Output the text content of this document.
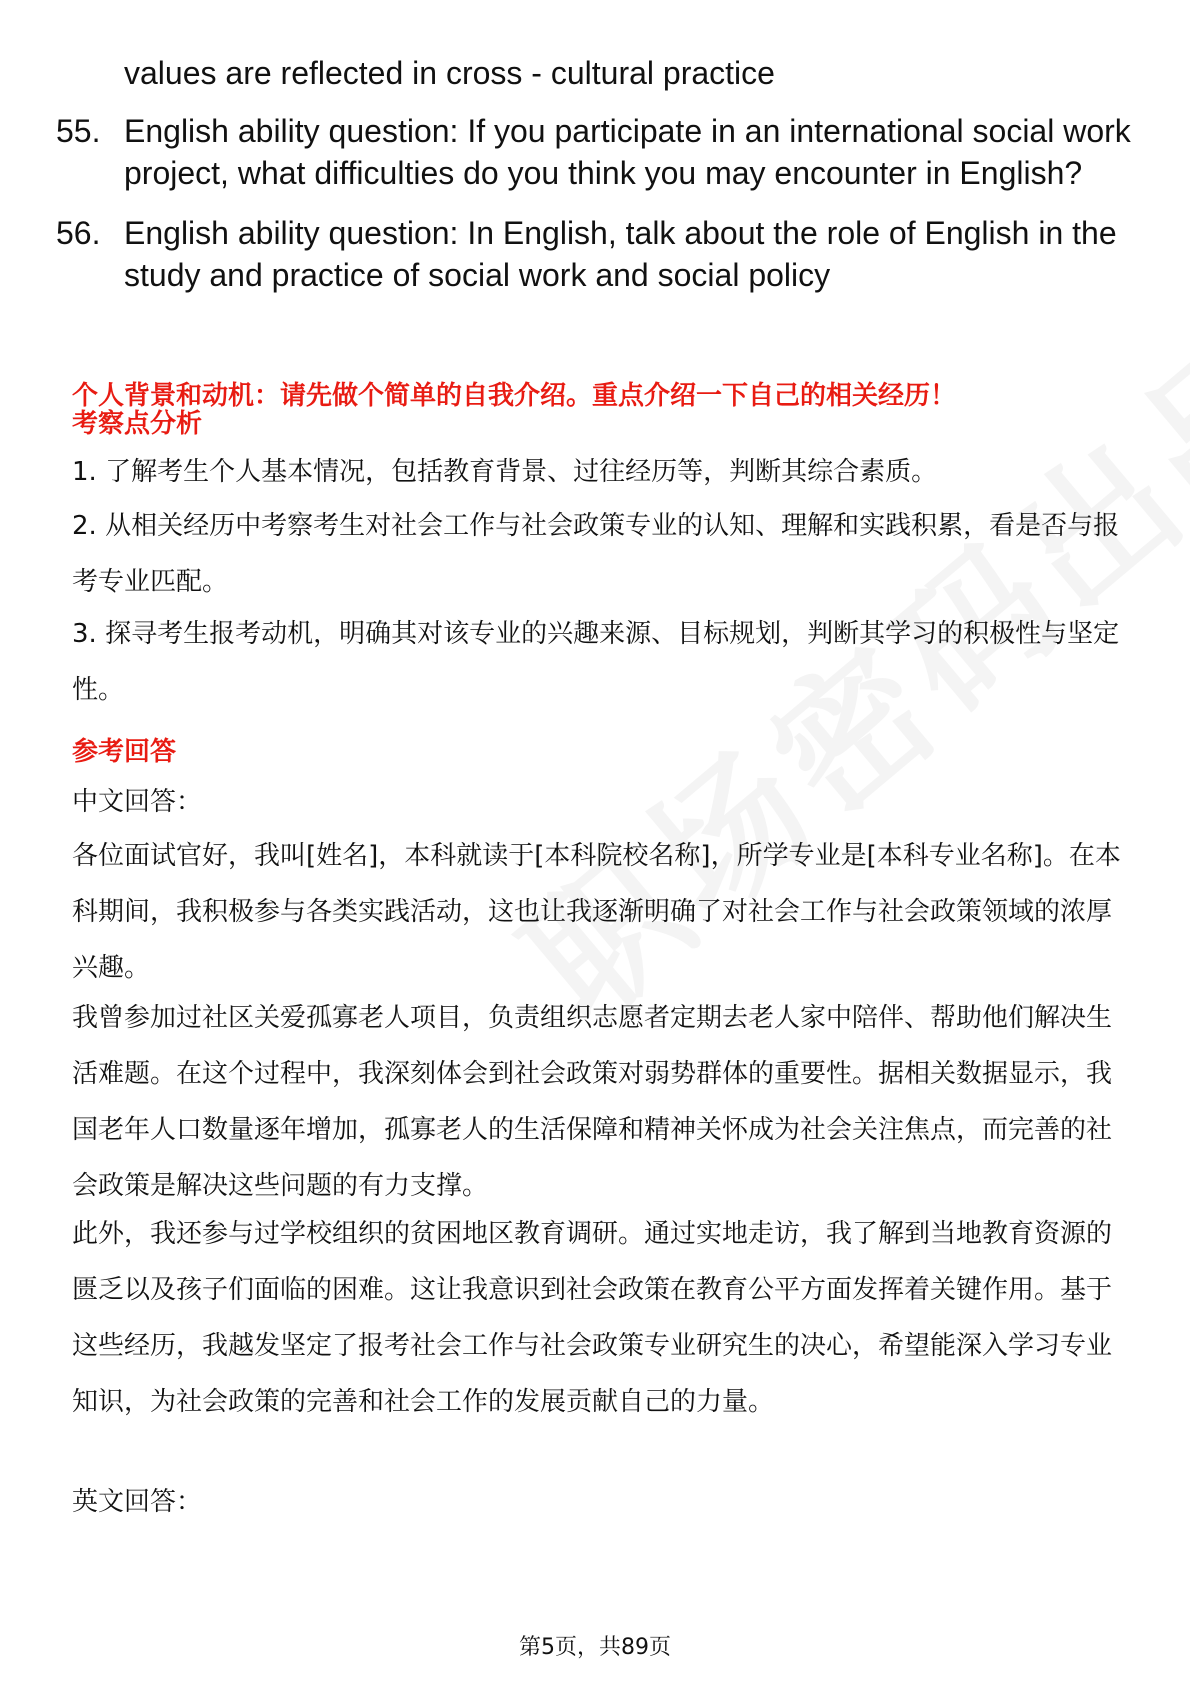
values are reflected in cross - cultural practice

55. English ability question: If you participate in an international social work project, what difficulties do you think you may encounter in English?
56. English ability question: In English, talk about the role of English in the study and practice of social work and social policy

个人背景和动机：请先做个简单的自我介绍。重点介绍一下自己的相关经历！

考察点分析

1. 了解考生个人基本情况，包括教育背景、过往经历等，判断其综合素质。

2. 从相关经历中考察考生对社会工作与社会政策专业的认知、理解和实践积累，看是否与报考专业匹配。

3. 探寻考生报考动机，明确其对该专业的兴趣来源、目标规划，判断其学习的积极性与坚定性。

参考回答

中文回答：

各位面试官好，我叫[姓名]，本科就读于[本科院校名称]，所学专业是[本科专业名称]。在本科期间，我积极参与各类实践活动，这也让我逐渐明确了对社会工作与社会政策领域的浓厚兴趣。

我曾参加过社区关爱孤寡老人项目，负责组织志愿者定期去老人家中陪伴、帮助他们解决生活难题。在这个过程中，我深刻体会到社会政策对弱势群体的重要性。据相关数据显示，我国老年人口数量逐年增加，孤寡老人的生活保障和精神关怀成为社会关注焦点，而完善的社会政策是解决这些问题的有力支撑。

此外，我还参与过学校组织的贫困地区教育调研。通过实地走访，我了解到当地教育资源的匮乏以及孩子们面临的困难。这让我意识到社会政策在教育公平方面发挥着关键作用。基于这些经历，我越发坚定了报考社会工作与社会政策专业研究生的决心，希望能深入学习专业知识，为社会政策的完善和社会工作的发展贡献自己的力量。

英文回答：

第5页，共89页
